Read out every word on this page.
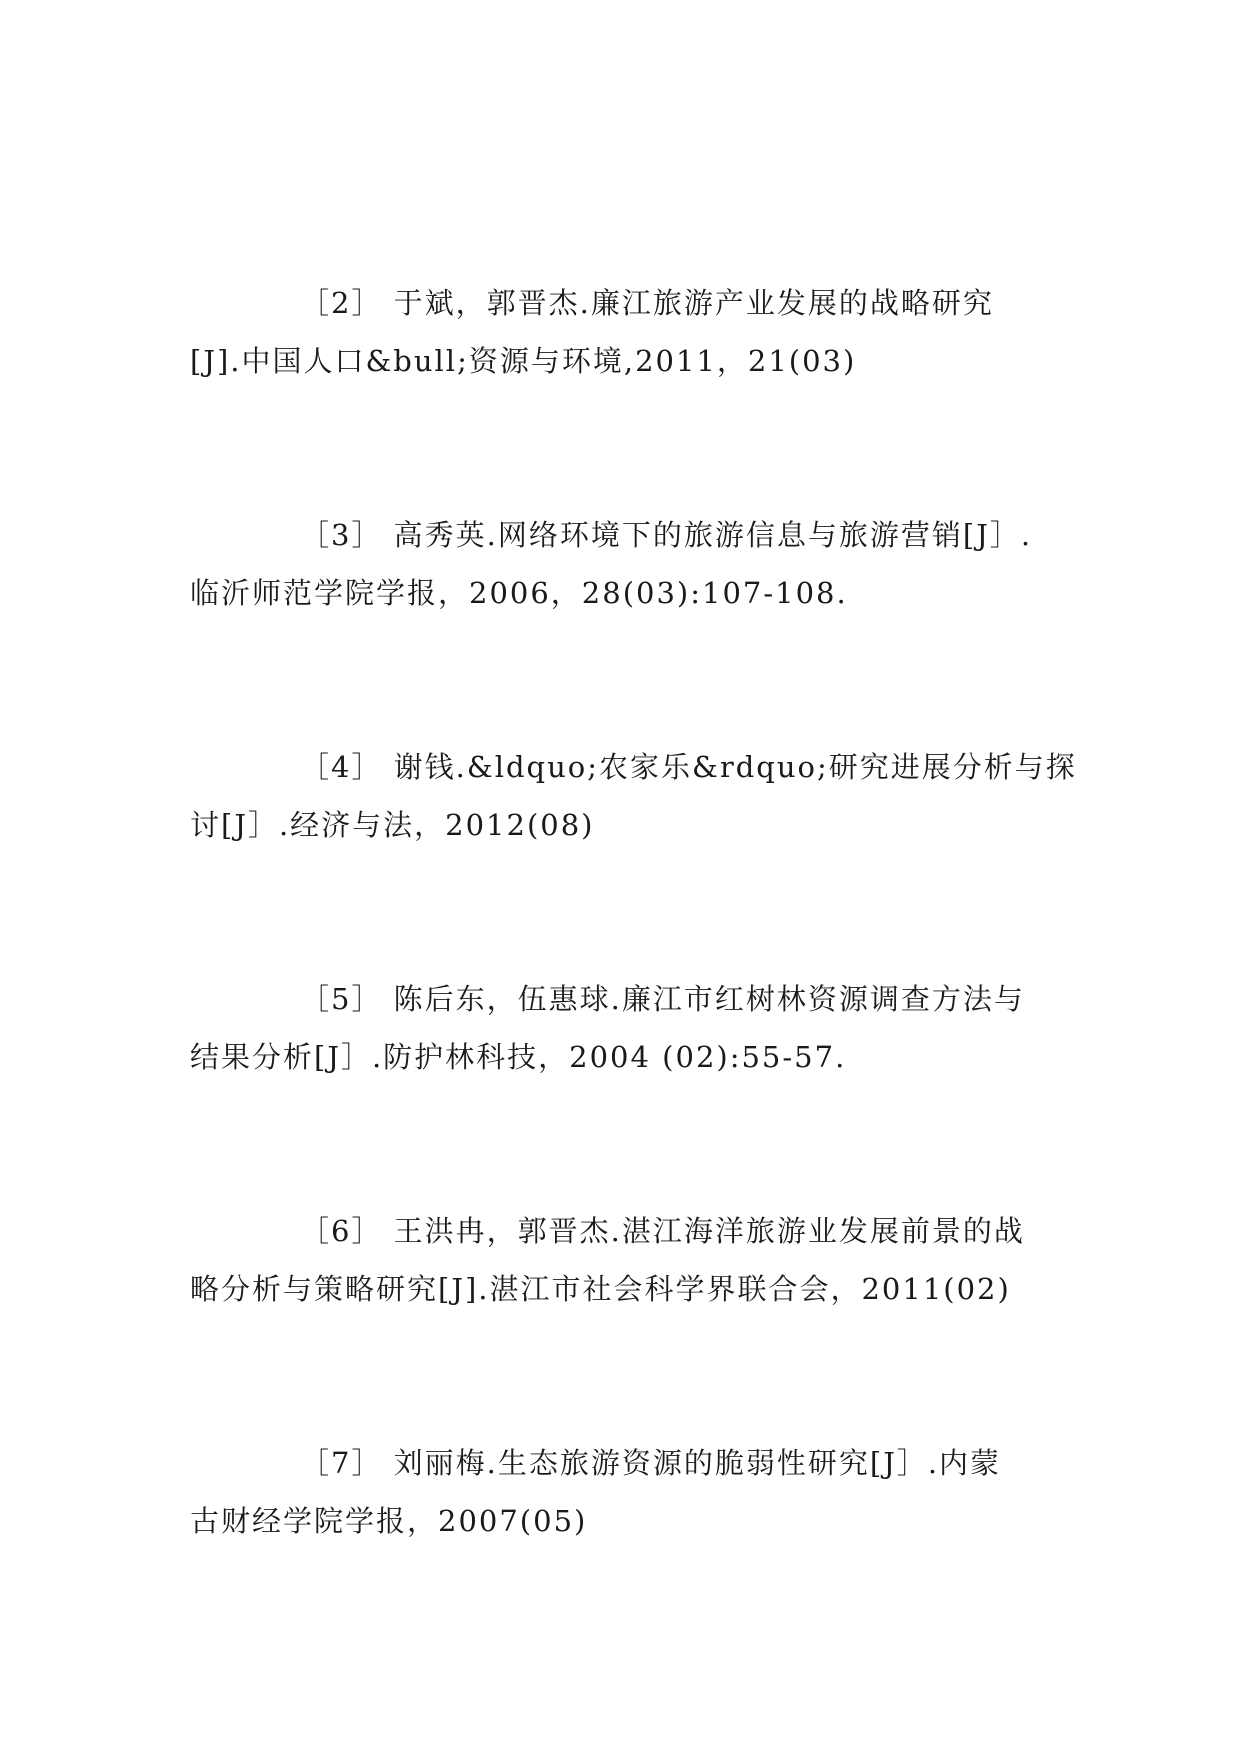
［2］ 于斌，郭晋杰.廉江旅游产业发展的战略研究
[J].中国人口&bull;资源与环境,2011，21(03)

［3］ 高秀英.网络环境下的旅游信息与旅游营销[J］.
临沂师范学院学报，2006，28(03):107-108.

［4］ 谢钱.&ldquo;农家乐&rdquo;研究进展分析与探
讨[J］.经济与法，2012(08)

［5］ 陈后东，伍惠球.廉江市红树林资源调查方法与
结果分析[J］.防护林科技，2004 (02):55-57.

［6］ 王洪冉，郭晋杰.湛江海洋旅游业发展前景的战
略分析与策略研究[J].湛江市社会科学界联合会，2011(02)

［7］ 刘丽梅.生态旅游资源的脆弱性研究[J］.内蒙
古财经学院学报，2007(05)
